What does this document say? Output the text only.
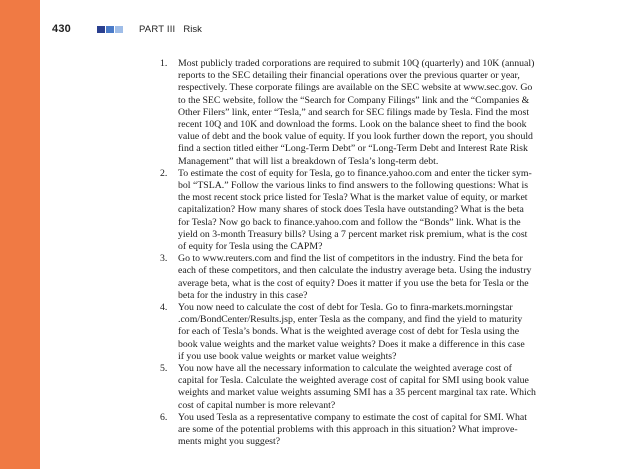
430	PART III Risk
1. Most publicly traded corporations are required to submit 10Q (quarterly) and 10K (annual)
reports to the SEC detailing their financial operations over the previous quarter or year,
respectively. These corporate filings are available on the SEC website at www.sec.gov. Go
to the SEC website, follow the “Search for Company Filings” link and the “Companies &
Other Filers” link, enter “Tesla,” and search for SEC filings made by Tesla. Find the most
recent 10Q and 10K and download the forms. Look on the balance sheet to find the book
value of debt and the book value of equity. If you look further down the report, you should
find a section titled either “Long-Term Debt” or “Long-Term Debt and Interest Rate Risk
Management” that will list a breakdown of Tesla’s long-term debt.

2. To estimate the cost of equity for Tesla, go to finance.yahoo.com and enter the ticker sym-
bol “TSLA.” Follow the various links to find answers to the following questions: What is
the most recent stock price listed for Tesla? What is the market value of equity, or market
capitalization? How many shares of stock does Tesla have outstanding? What is the beta
for Tesla? Now go back to finance.yahoo.com and follow the “Bonds” link. What is the
yield on 3-month Treasury bills? Using a 7 percent market risk premium, what is the cost
of equity for Tesla using the CAPM?

3. Go to www.reuters.com and find the list of competitors in the industry. Find the beta for
each of these competitors, and then calculate the industry average beta. Using the industry
average beta, what is the cost of equity? Does it matter if you use the beta for Tesla or the
beta for the industry in this case?

4. You now need to calculate the cost of debt for Tesla. Go to finra-markets.morningstar
.com/BondCenter/Results.jsp, enter Tesla as the company, and find the yield to maturity
for each of Tesla’s bonds. What is the weighted average cost of debt for Tesla using the
book value weights and the market value weights? Does it make a difference in this case
if you use book value weights or market value weights?

5. You now have all the necessary information to calculate the weighted average cost of
capital for Tesla. Calculate the weighted average cost of capital for SMI using book value
weights and market value weights assuming SMI has a 35 percent marginal tax rate. Which
cost of capital number is more relevant?

6. You used Tesla as a representative company to estimate the cost of capital for SMI. What
are some of the potential problems with this approach in this situation? What improve-
ments might you suggest?
